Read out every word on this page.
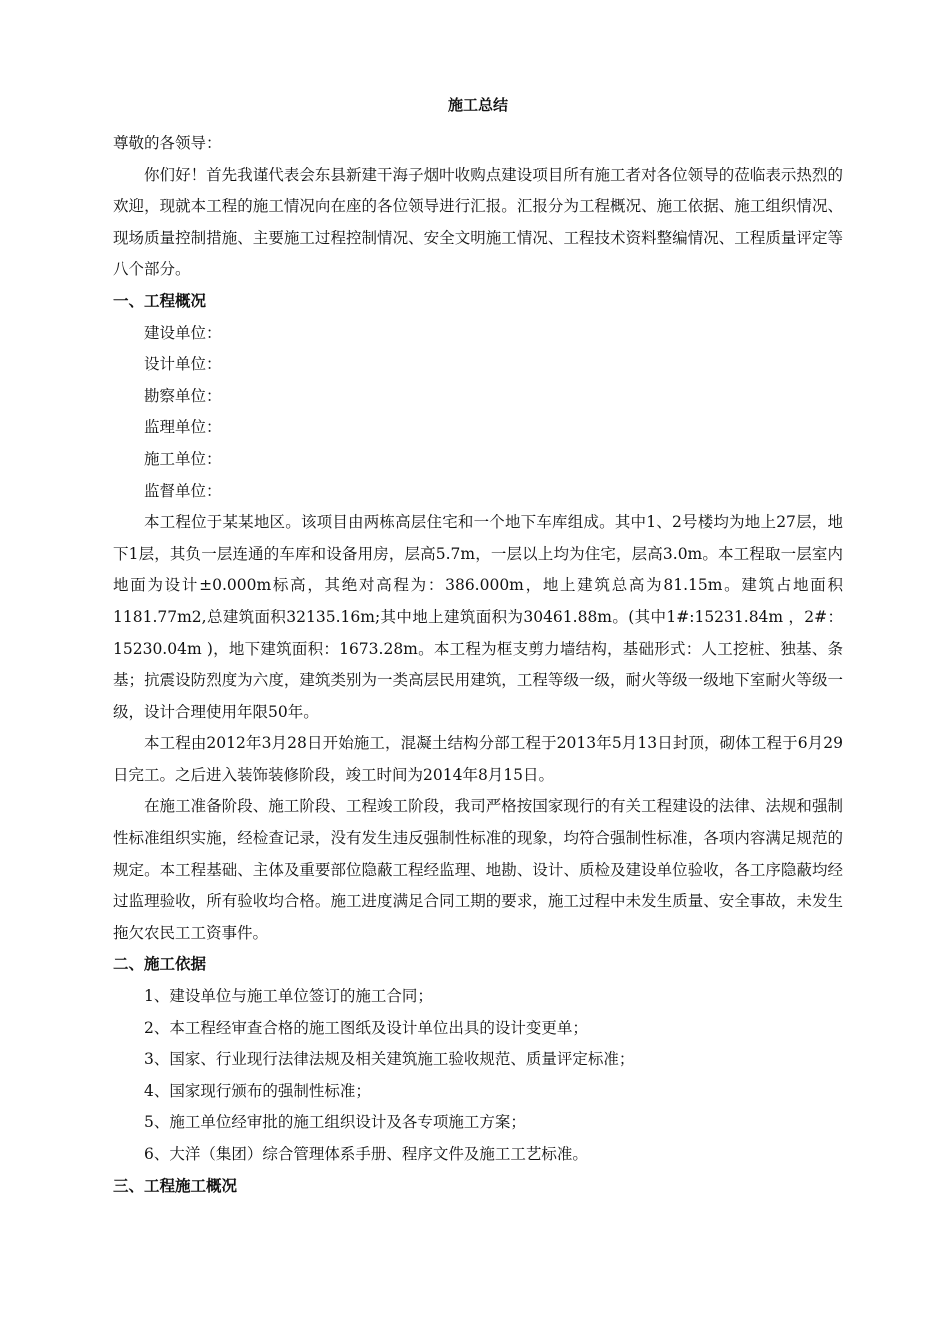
施工总结

尊敬的各领导：

你们好！首先我谨代表会东县新建干海子烟叶收购点建设项目所有施工者对各位领导的莅临表示热烈的欢迎，现就本工程的施工情况向在座的各位领导进行汇报。汇报分为工程概况、施工依据、施工组织情况、现场质量控制措施、主要施工过程控制情况、安全文明施工情况、工程技术资料整编情况、工程质量评定等八个部分。

一、工程概况

建设单位：

设计单位：

勘察单位：

监理单位：

施工单位：

监督单位：

本工程位于某某地区。该项目由两栋高层住宅和一个地下车库组成。其中1、2号楼均为地上27层，地下1层，其负一层连通的车库和设备用房，层高5.7m，一层以上均为住宅，层高3.0m。本工程取一层室内地面为设计±0.000m标高，其绝对高程为：386.000m，地上建筑总高为81.15m。建筑占地面积1181.77m2,总建筑面积32135.16m;其中地上建筑面积为30461.88m。(其中1#:15231.84m ，2#：15230.04m )，地下建筑面积：1673.28m。本工程为框支剪力墙结构，基础形式：人工挖桩、独基、条基；抗震设防烈度为六度，建筑类别为一类高层民用建筑，工程等级一级，耐火等级一级地下室耐火等级一级，设计合理使用年限50年。

本工程由2012年3月28日开始施工，混凝土结构分部工程于2013年5月13日封顶，砌体工程于6月29日完工。之后进入装饰装修阶段，竣工时间为2014年8月15日。

在施工准备阶段、施工阶段、工程竣工阶段，我司严格按国家现行的有关工程建设的法律、法规和强制性标准组织实施，经检查记录，没有发生违反强制性标准的现象，均符合强制性标准，各项内容满足规范的规定。本工程基础、主体及重要部位隐蔽工程经监理、地勘、设计、质检及建设单位验收，各工序隐蔽均经过监理验收，所有验收均合格。施工进度满足合同工期的要求，施工过程中未发生质量、安全事故，未发生拖欠农民工工资事件。

二、施工依据

1、建设单位与施工单位签订的施工合同；

2、本工程经审查合格的施工图纸及设计单位出具的设计变更单；

3、国家、行业现行法律法规及相关建筑施工验收规范、质量评定标准；

4、国家现行颁布的强制性标准；

5、施工单位经审批的施工组织设计及各专项施工方案；

6、大洋（集团）综合管理体系手册、程序文件及施工工艺标准。

三、工程施工概况
